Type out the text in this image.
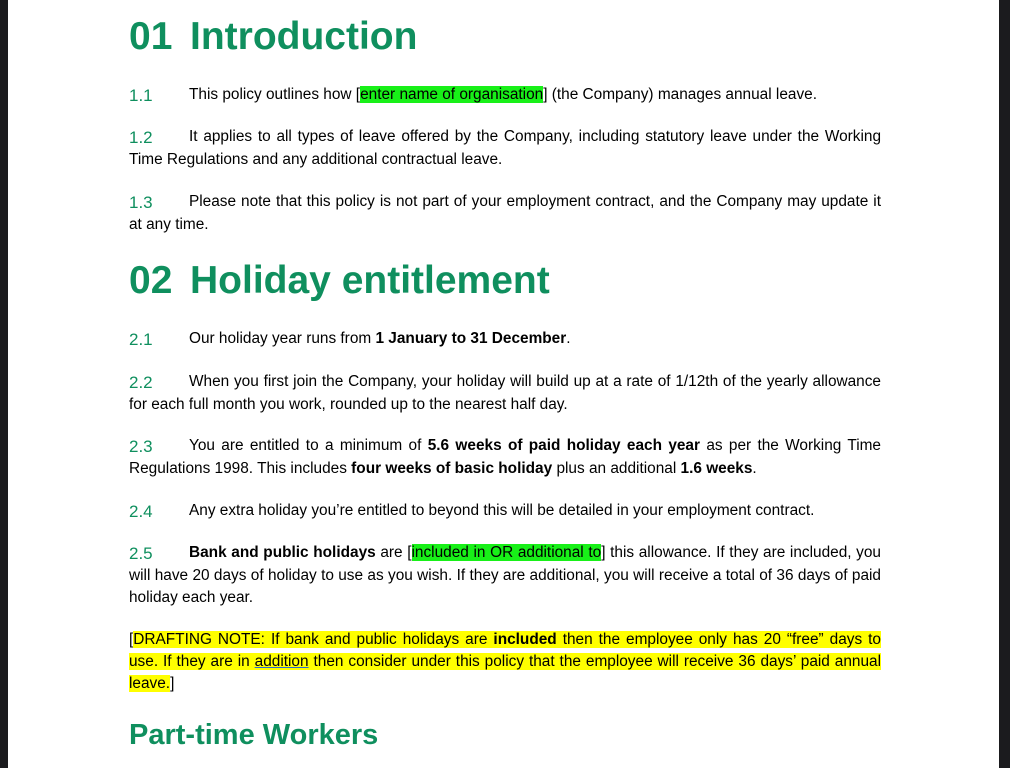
01 Introduction

1.1 This policy outlines how [enter name of organisation] (the Company) manages annual leave.

1.2 It applies to all types of leave offered by the Company, including statutory leave under the Working Time Regulations and any additional contractual leave.

1.3 Please note that this policy is not part of your employment contract, and the Company may update it at any time.

02 Holiday entitlement

2.1 Our holiday year runs from 1 January to 31 December.

2.2 When you first join the Company, your holiday will build up at a rate of 1/12th of the yearly allowance for each full month you work, rounded up to the nearest half day.

2.3 You are entitled to a minimum of 5.6 weeks of paid holiday each year as per the Working Time Regulations 1998. This includes four weeks of basic holiday plus an additional 1.6 weeks.

2.4 Any extra holiday you’re entitled to beyond this will be detailed in your employment contract.

2.5 Bank and public holidays are [included in OR additional to] this allowance. If they are included, you will have 20 days of holiday to use as you wish. If they are additional, you will receive a total of 36 days of paid holiday each year.

[DRAFTING NOTE: If bank and public holidays are included then the employee only has 20 “free” days to use. If they are in addition then consider under this policy that the employee will receive 36 days’ paid annual leave.]

Part-time Workers
